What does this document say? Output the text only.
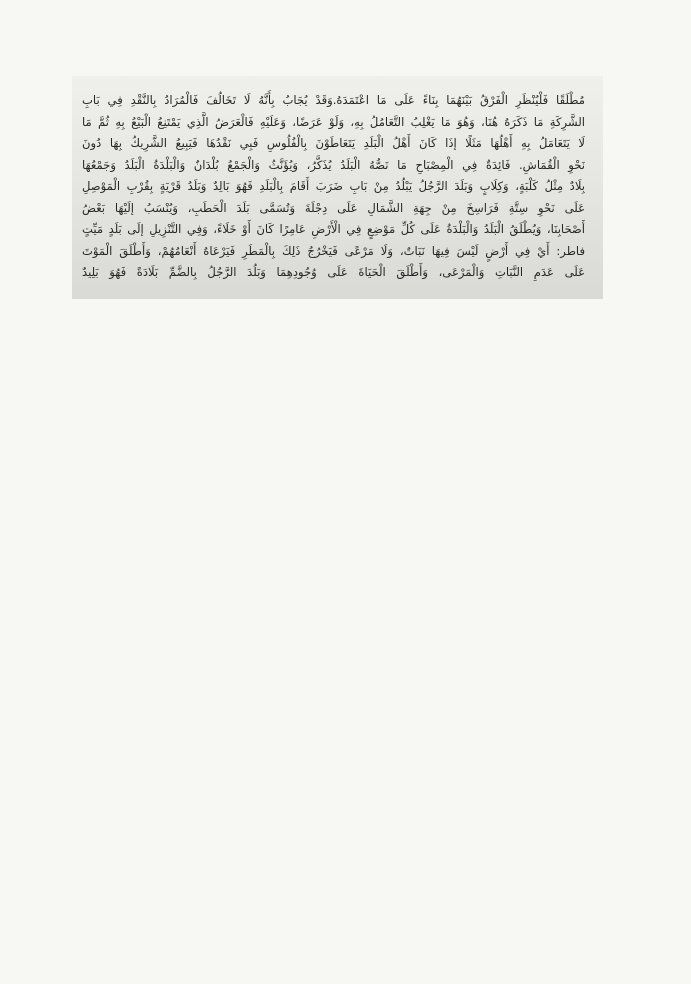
مُطْلَقًا فَلْيُنْظَرِ الْفَرْقُ بَيْنَهُمَا بِنَاءً عَلَى مَا اعْتَمَدَهُ.وَقَدْ يُجَابُ بِأَنَّهُ لَا تَخَالُفَ فَالْمُرَادُ بِالنَّقْدِ فِي بَابِ
الشَّرِكَةِ مَا ذَكَرَهُ هُنَا، وَهُوَ مَا يَغْلِبُ التَّعَامُلُ بِهِ، وَلَوْ عَرَضًا، وَعَلَيْهِ فَالْعَرَضُ الَّذِي يَمْتَنِعُ الْبَيْعُ بِهِ ثُمَّ مَا
لَا يَتَعَامَلُ بِهِ أَهْلُهَا مَثَلًا إذَا كَانَ أَهْلُ الْبَلَدِ يَتَعَاطَوْنَ بِالْفُلُوسِ فَبِي نَقْدُهَا فَيَبِيعُ الشَّرِيكُ بِهَا دُونَ
نَحْوِ الْقُمَاشِ. فَائِدَةٌ فِي الْمِصْبَاحِ مَا نَصُّهُ الْبَلَدُ يُذَكَّرُ، وَيُؤَنَّثُ وَالْجَمْعُ بُلْدَانٌ وَالْبَلْدَةُ الْبَلَدُ وَجَمْعُهَا
بِلَادٌ مِثْلُ كَلْبَةٍ، وَكِلَابٍ وَبَلَدَ الرَّجُلُ يَبْلُدُ مِنْ بَابِ ضَرَبَ أَقَامَ بِالْبَلَدِ فَهُوَ بَالِدٌ وَبَلَدُ قَرْيَةٍ بِقُرْبِ الْمَوْصِلِ
عَلَى نَحْوِ سِتَّةِ فَرَاسِخَ مِنْ جِهَةِ الشَّمَالِ عَلَى دِجْلَةَ وَتُسَمَّى بَلَدَ الْحَطَبِ، وَيُنْسَبُ إلَيْهَا بَعْضُ
أَصْحَابِنَا، وَيُطْلَقُ الْبَلَدُ وَالْبَلْدَةُ عَلَى كُلِّ مَوْضِعٍ فِي الْأَرْضِ عَامِرًا كَانَ أَوْ خَلَاءً، وَفِي التَّنْزِيلِ إلَى بَلَدٍ مَيِّتٍ
فاطر: أَيْ فِي أَرْضٍ لَيْسَ فِيهَا نَبَاتٌ، وَلَا مَرْعًى فَيَخْرُجُ ذَلِكَ بِالْمَطَرِ فَيَرْعَاهُ أَنْعَامُهُمْ، وَأَطْلَقَ الْمَوْتَ
عَلَى عَدَمِ النَّبَاتِ وَالْمَرْعَى، وَأَطْلَقَ الْحَيَاةَ عَلَى وُجُودِهِمَا وَبَلُدَ الرَّجُلُ بِالضَّمِّ بَلَادَةً فَهُوَ بَلِيدٌ
